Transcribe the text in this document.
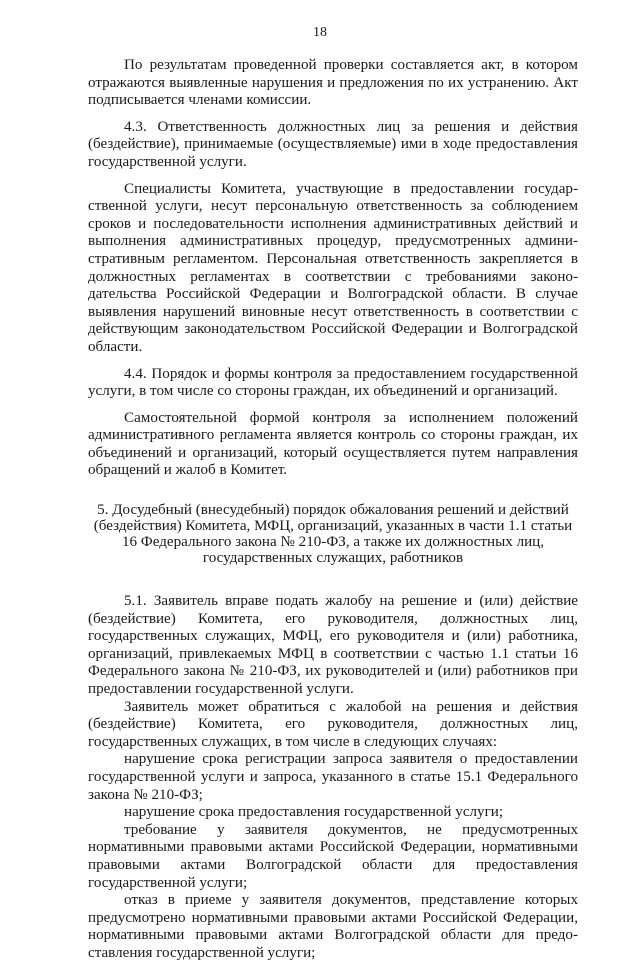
18

По результатам проведенной проверки составляется акт, в котором отражаются выявленные нарушения и предложения по их устранению. Акт подписывается членами комиссии.

4.3. Ответственность должностных лиц за решения и действия (бездействие), принимаемые (осуществляемые) ими в ходе предоставления государственной услуги.

Специалисты Комитета, участвующие в предоставлении государственной услуги, несут персональную ответственность за соблюдением сроков и последовательности исполнения административных действий и выполнения административных процедур, предусмотренных административным регламентом. Персональная ответственность закрепляется в должностных регламентах в соответствии с требованиями законодательства Российской Федерации и Волгоградской области. В случае выявления нарушений виновные несут ответственность в соответствии с действующим законодательством Российской Федерации и Волгоградской области.

4.4. Порядок и формы контроля за предоставлением государственной услуги, в том числе со стороны граждан, их объединений и организаций.

Самостоятельной формой контроля за исполнением положений административного регламента является контроль со стороны граждан, их объединений и организаций, который осуществляется путем направления обращений и жалоб в Комитет.

5. Досудебный (внесудебный) порядок обжалования решений и действий (бездействия) Комитета, МФЦ, организаций, указанных в части 1.1 статьи 16 Федерального закона № 210-ФЗ, а также их должностных лиц, государственных служащих, работников

5.1. Заявитель вправе подать жалобу на решение и (или) действие (бездействие) Комитета, его руководителя, должностных лиц, государственных служащих, МФЦ, его руководителя и (или) работника, организаций, привлекаемых МФЦ в соответствии с частью 1.1 статьи 16 Федерального закона № 210-ФЗ, их руководителей и (или) работников при предоставлении государственной услуги.

Заявитель может обратиться с жалобой на решения и действия (бездействие) Комитета, его руководителя, должностных лиц, государственных служащих, в том числе в следующих случаях:

нарушение срока регистрации запроса заявителя о предоставлении государственной услуги и запроса, указанного в статье 15.1 Федерального закона № 210-ФЗ;

нарушение срока предоставления государственной услуги;

требование у заявителя документов, не предусмотренных нормативными правовыми актами Российской Федерации, нормативными правовыми актами Волгоградской области для предоставления государственной услуги;

отказ в приеме у заявителя документов, представление которых предусмотрено нормативными правовыми актами Российской Федерации, нормативными правовыми актами Волгоградской области для предоставления государственной услуги;
